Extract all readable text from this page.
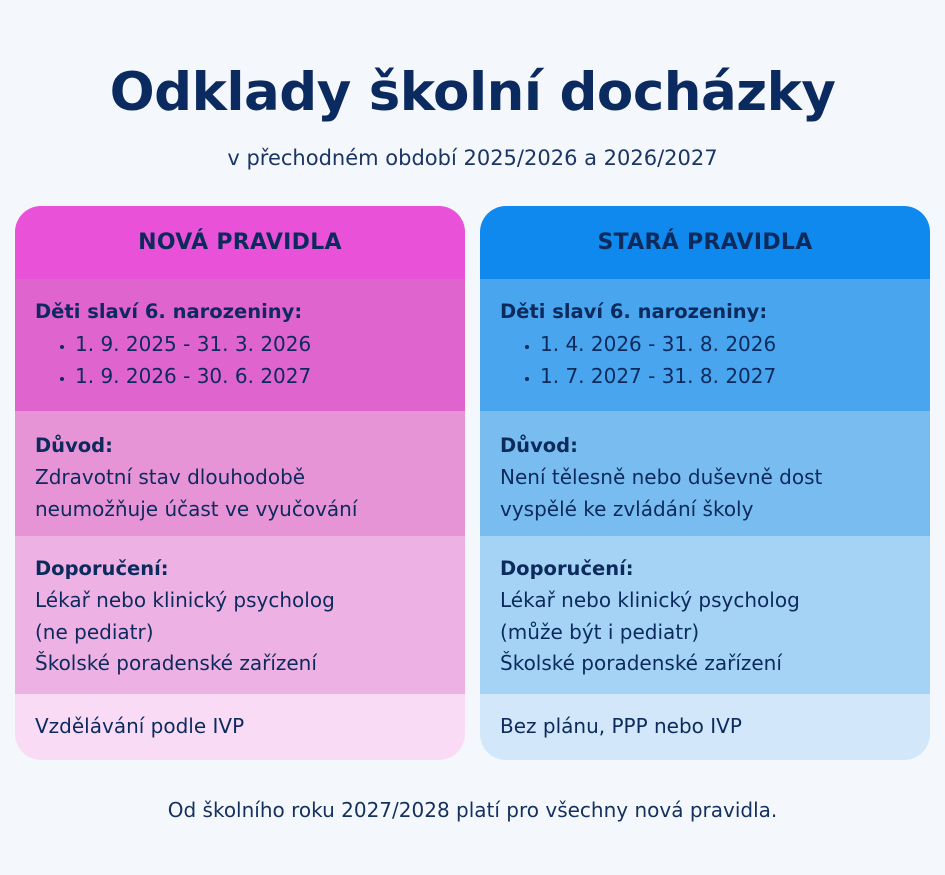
Odklady školní docházky
v přechodném období 2025/2026 a 2026/2027
NOVÁ PRAVIDLA
Děti slaví 6. narozeniny:
• 1. 9. 2025 - 31. 3. 2026
• 1. 9. 2026 - 30. 6. 2027
Důvod:
Zdravotní stav dlouhodobě
neumožňuje účast ve vyučování
Doporučení:
Lékař nebo klinický psycholog
(ne pediatr)
Školské poradenské zařízení
Vzdělávání podle IVP
STARÁ PRAVIDLA
Děti slaví 6. narozeniny:
• 1. 4. 2026 - 31. 8. 2026
• 1. 7. 2027 - 31. 8. 2027
Důvod:
Není tělesně nebo duševně dost
vyspělé ke zvládání školy
Doporučení:
Lékař nebo klinický psycholog
(může být i pediatr)
Školské poradenské zařízení
Bez plánu, PPP nebo IVP
Od školního roku 2027/2028 platí pro všechny nová pravidla.
